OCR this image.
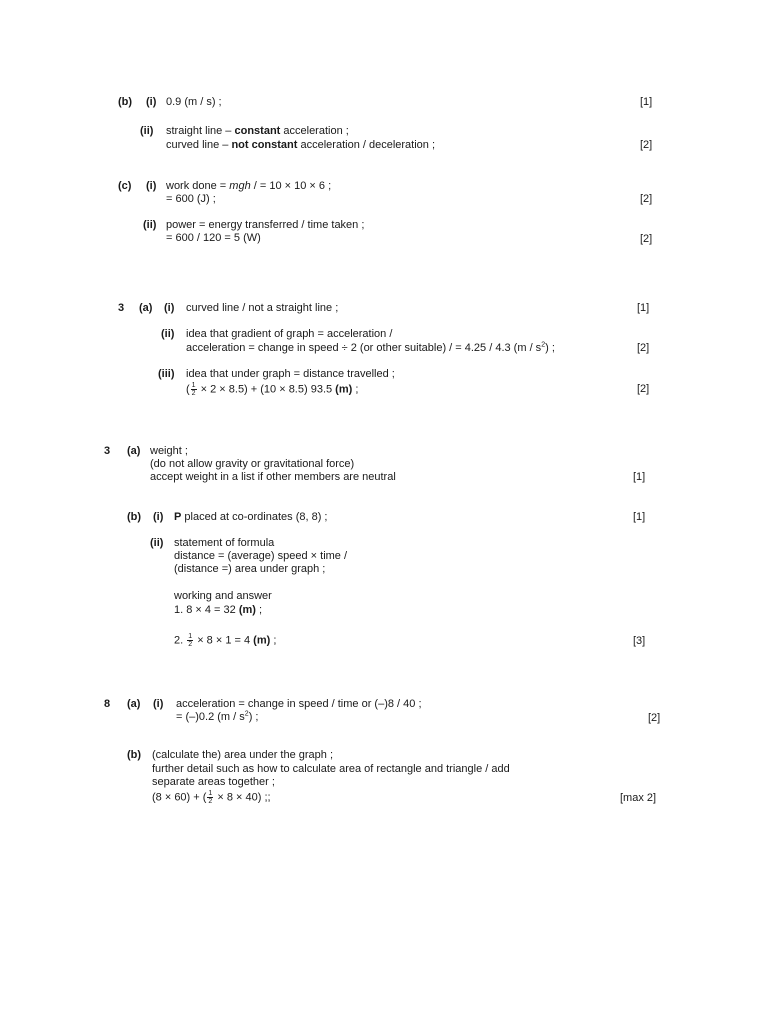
(b) (i) 0.9 (m / s) ;	[1]
(ii) straight line – constant acceleration ;
curved line – not constant acceleration / deceleration ;	[2]
(c) (i) work done = mgh / = 10 × 10 × 6 ;
= 600 (J) ;	[2]
(ii) power = energy transferred / time taken ;
= 600 / 120 = 5 (W)	[2]
3 (a) (i) curved line / not a straight line ;	[1]
(ii) idea that gradient of graph = acceleration /
acceleration = change in speed ÷ 2 (or other suitable) / = 4.25 / 4.3 $(m / s^2)$ ;	[2]
(iii) idea that under graph = distance travelled ;
( $\frac{1}{2} \times 2 \times 8.5) + (10 \times 8.5)$ 93.5 (m) ;	[2]
3 (a) weight ;
(do not allow gravity or gravitational force)
accept weight in a list if other members are neutral	[1]
(b) (i) P placed at co-ordinates (8, 8) ;	[1]
(ii) statement of formula
distance = (average) speed × time /
(distance =) area under graph ;
working and answer
1. 8 × 4 = 32 (m) ;
2. $\frac{1}{2} \times 8 \times 1 = 4$ (m) ;	[3]
8 (a) (i) acceleration = change in speed / time or (–)8 / 40 ;
= (–)0.2 $(m / s^2)$ ;	[2]
(b) (calculate the) area under the graph ;
further detail such as how to calculate area of rectangle and triangle / add
separate areas together ;
(8 × 60) + ( $\frac{1}{2} \times 8 \times 40$) ;;	[max 2]
